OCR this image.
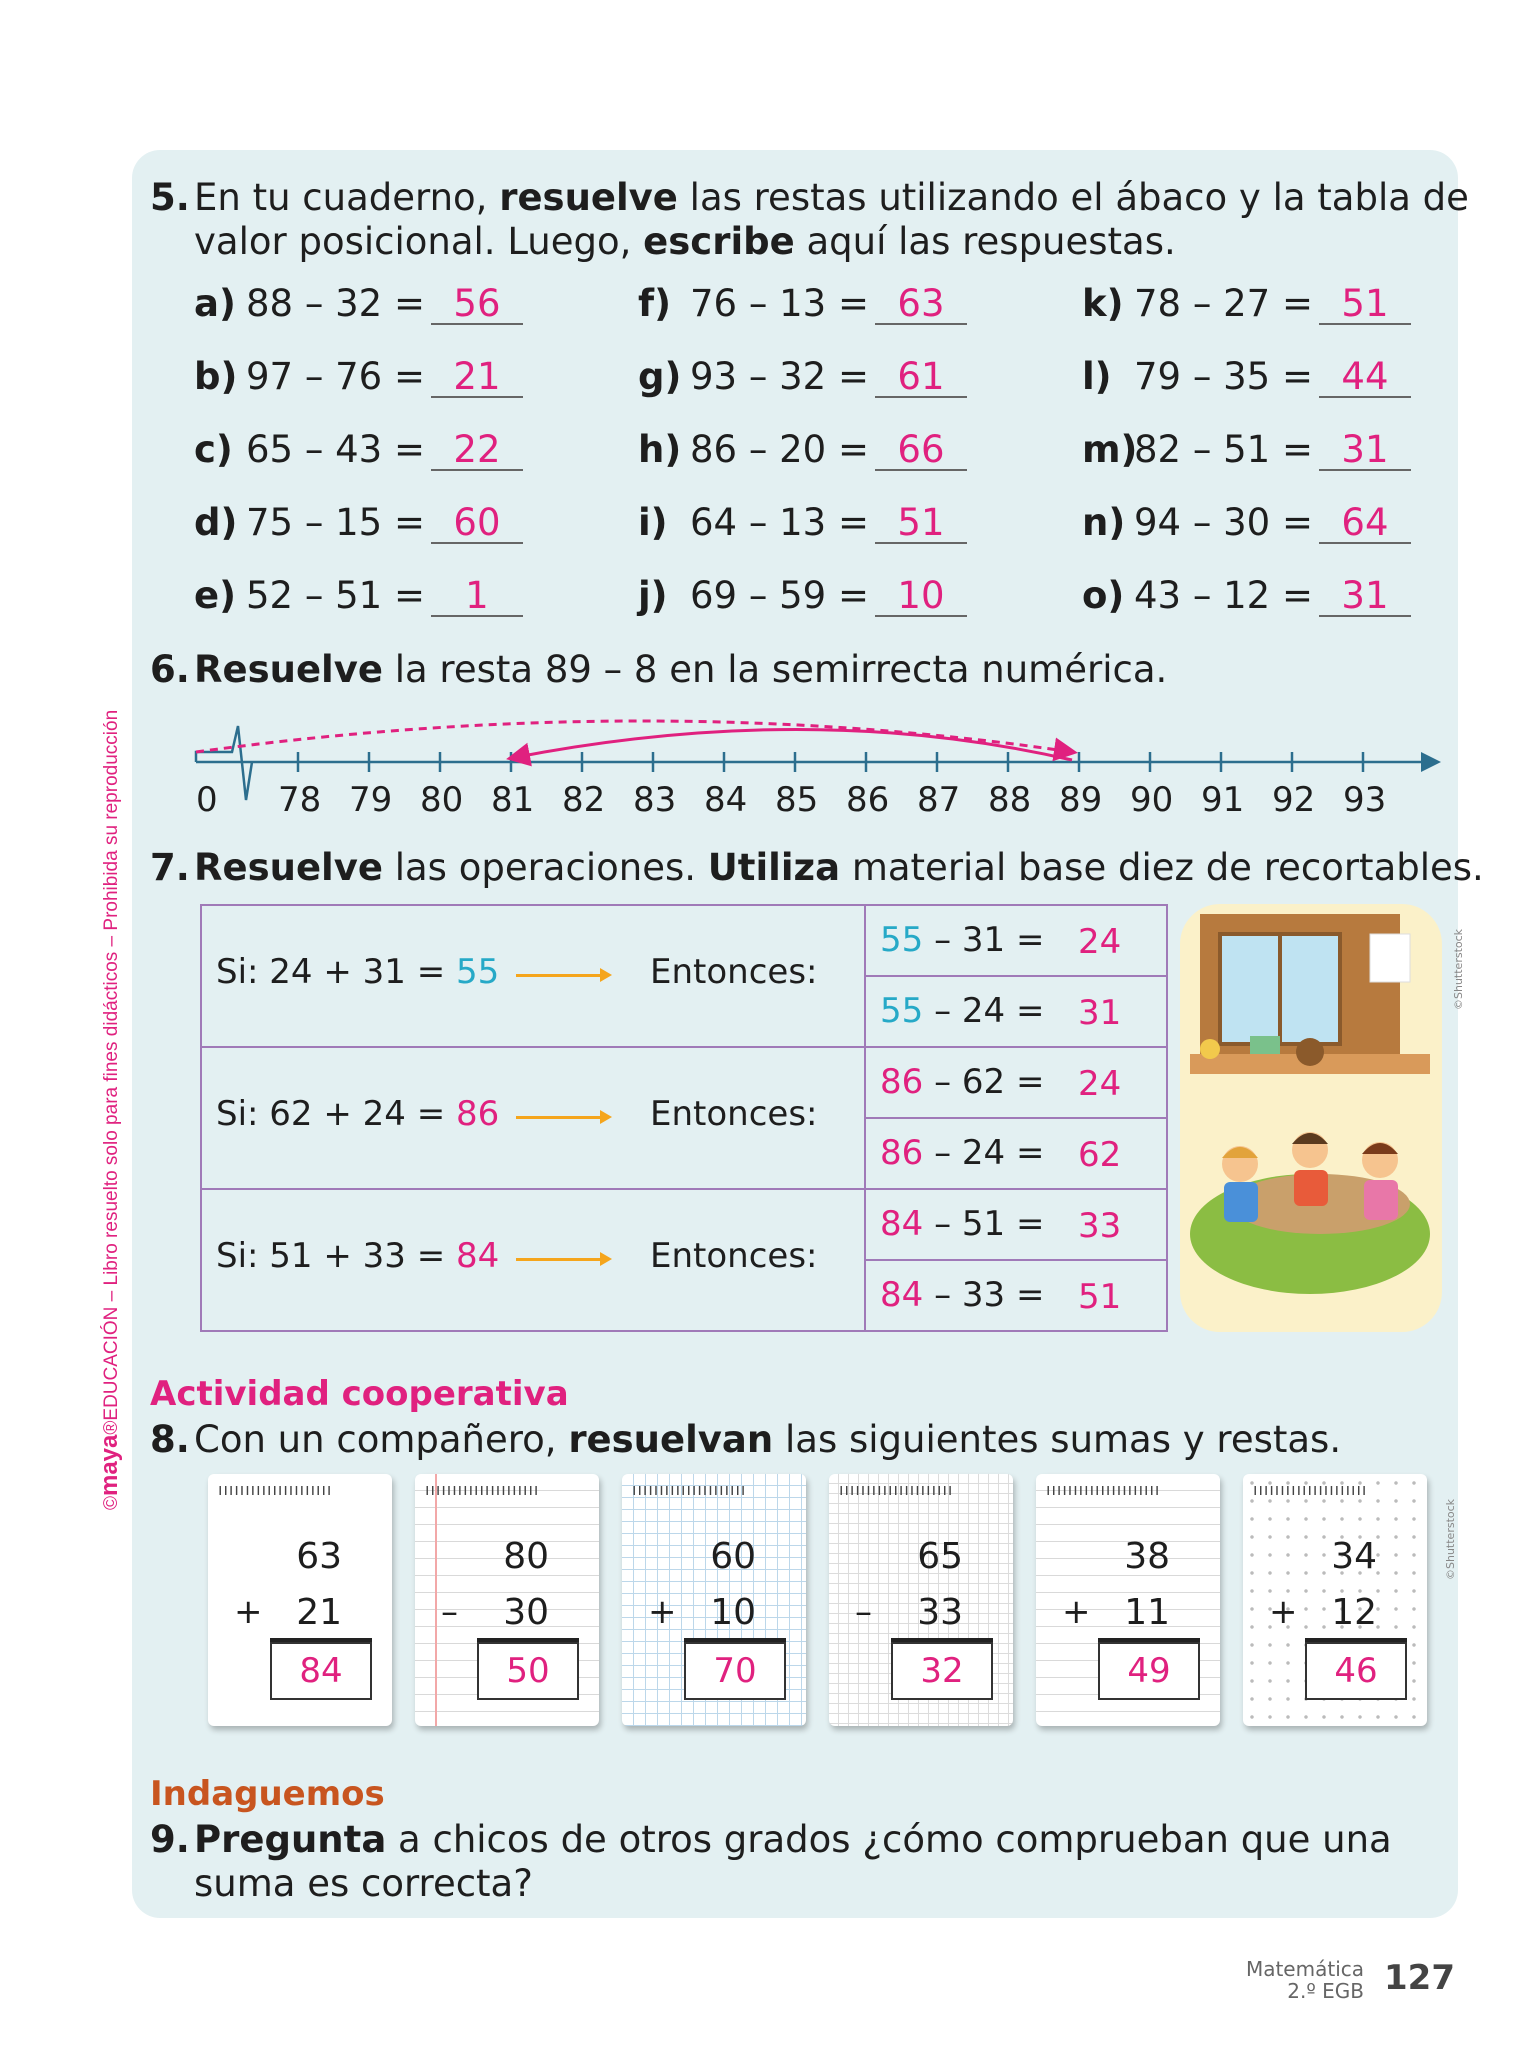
©maya®EDUCACIÓN – Libro resuelto solo para fines didácticos – Prohibida su reproducción
5. En tu cuaderno, resuelve las restas utilizando el ábaco y la tabla de
valor posicional. Luego, escribe aquí las respuestas.
a) 88 – 32 = 56
b) 97 – 76 = 21
c) 65 – 43 = 22
d) 75 – 15 = 60
e) 52 – 51 = 1
f) 76 – 13 = 63
g) 93 – 32 = 61
h) 86 – 20 = 66
i) 64 – 13 = 51
j) 69 – 59 = 10
k) 78 – 27 = 51
l) 79 – 35 = 44
m)82 – 51 = 31
n) 94 – 30 = 64
o) 43 – 12 = 31
6. Resuelve la resta 89 – 8 en la semirrecta numérica.
0 78 79 80 81 82 83 84 85 86 87 88 89 90 91 92 93
7. Resuelve las operaciones. Utiliza material base diez de recortables.
Si: 24 + 31 = 55	Entonces:
55 – 31 = 24
55 – 24 = 31
Si: 62 + 24 = 86	Entonces:
86 – 62 = 24
86 – 24 = 62
Si: 51 + 33 = 84	Entonces:
84 – 51 = 33
84 – 33 = 51
©Shutterstock
Actividad cooperativa
8. Con un compañero, resuelvan las siguientes sumas y restas.
ııııııııııııııııııııı
63
+ 21
84
ııııııııııııııııııııı
80
– 30
50
ııııııııııııııııııııı
60
+ 10
70
ııııııııııııııııııııı
65
– 33
32
ııııııııııııııııııııı
38
+ 11
49
ııııııııııııııııııııı
34
+ 12
46
©Shutterstock
Indaguemos
9. Pregunta a chicos de otros grados ¿cómo comprueban que una
suma es correcta?
Matemática
2.º EGB 127
